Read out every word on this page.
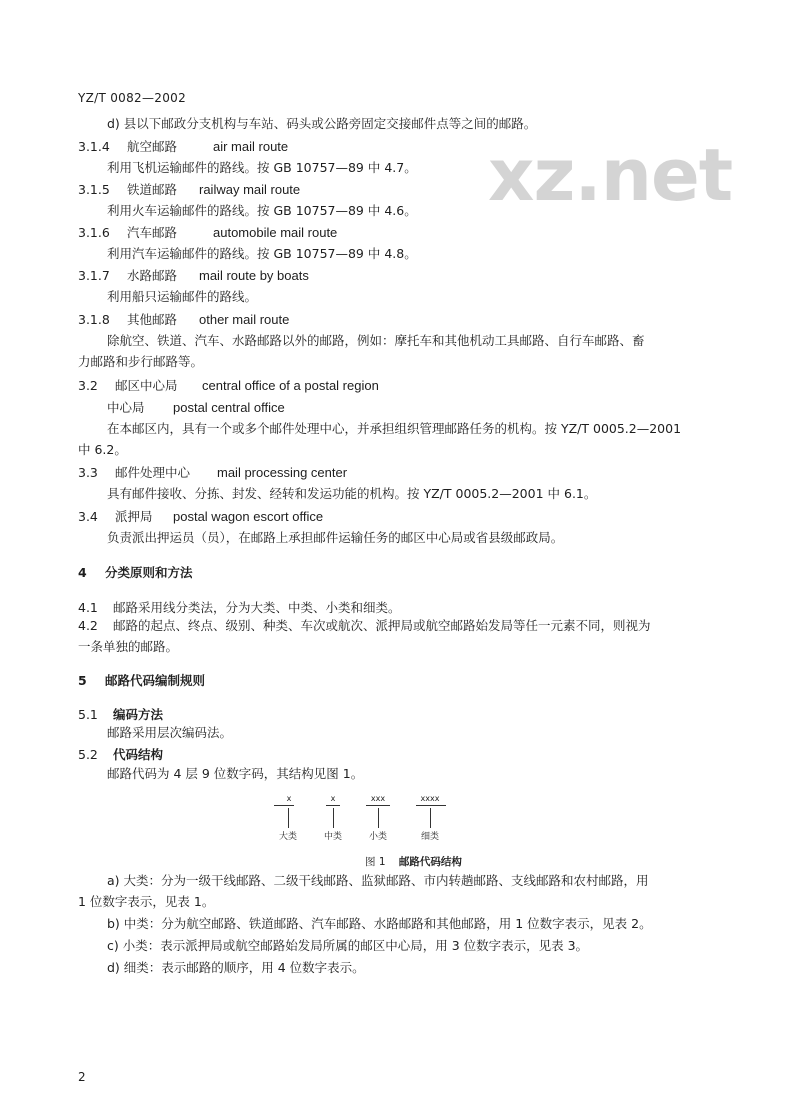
YZ/T 0082—2002
xz.net
d) 县以下邮政分支机构与车站、码头或公路旁固定交接邮件点等之间的邮路。
3.1.4 航空邮路	air mail route
利用飞机运输邮件的路线。按 GB 10757—89 中 4.7。
3.1.5 铁道邮路 railway mail route
利用火车运输邮件的路线。按 GB 10757—89 中 4.6。
3.1.6 汽车邮路	automobile mail route
利用汽车运输邮件的路线。按 GB 10757—89 中 4.8。
3.1.7 水路邮路 mail route by boats
利用船只运输邮件的路线。
3.1.8 其他邮路 other mail route
除航空、铁道、汽车、水路邮路以外的邮路，例如：摩托车和其他机动工具邮路、自行车邮路、畜
力邮路和步行邮路等。
3.2 邮区中心局 central office of a postal region
中心局 postal central office
在本邮区内，具有一个或多个邮件处理中心，并承担组织管理邮路任务的机构。按 YZ/T 0005.2—2001
中 6.2。
3.3 邮件处理中心 mail processing center
具有邮件接收、分拣、封发、经转和发运功能的机构。按 YZ/T 0005.2—2001 中 6.1。
3.4 派押局 postal wagon escort office
负责派出押运员（员），在邮路上承担邮件运输任务的邮区中心局或省县级邮政局。
4 分类原则和方法
4.1 邮路采用线分类法，分为大类、中类、小类和细类。
4.2 邮路的起点、终点、级别、种类、车次或航次、派押局或航空邮路始发局等任一元素不同，则视为
一条单独的邮路。
5 邮路代码编制规则
5.1 编码方法
邮路采用层次编码法。
5.2 代码结构
邮路代码为 4 层 9 位数字码，其结构见图 1。
x	x	xxx	xxxx
大类	中类	小类	细类
图 1 邮路代码结构
a) 大类：分为一级干线邮路、二级干线邮路、监狱邮路、市内转趟邮路、支线邮路和农村邮路，用
1 位数字表示，见表 1。
b) 中类：分为航空邮路、铁道邮路、汽车邮路、水路邮路和其他邮路，用 1 位数字表示，见表 2。
c) 小类：表示派押局或航空邮路始发局所属的邮区中心局，用 3 位数字表示，见表 3。
d) 细类：表示邮路的顺序，用 4 位数字表示。
2
